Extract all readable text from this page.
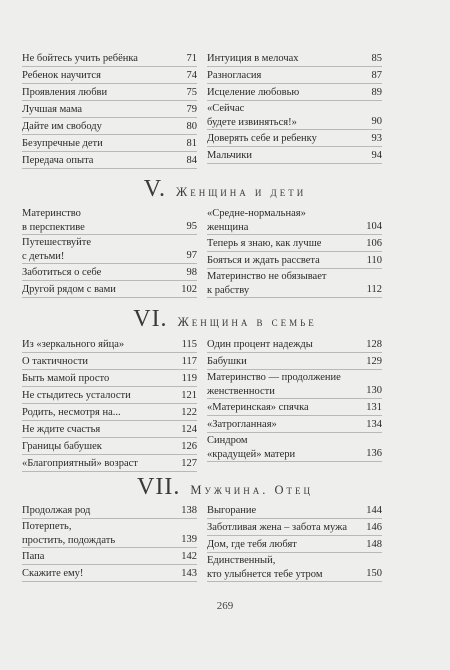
Не бойтесь учить ребёнка	71
Ребенок научится	74
Проявления любви	75
Лучшая мама	79
Дайте им свободу	80
Безупречные дети	81
Передача опыта	84
Интуиция в мелочах	85
Разногласия	87
Исцеление любовью	89
«Сейчас
будете извиняться!»	90
Доверять себе и ребенку	93
Мальчики	94
V. Женщина и дети
Материнство
в перспективе	95
Путешествуйте
с детьми!	97
Заботиться о себе	98
Другой рядом с вами	102
«Средне-нормальная»
женщина	104
Теперь я знаю, как лучше	106
Бояться и ждать рассвета	110
Материнство не обязывает
к рабству	112
VI. Женщина в семье
Из «зеркального яйца»	115
О тактичности	117
Быть мамой просто	119
Не стыдитесь усталости	121
Родить, несмотря на...	122
Не ждите счастья	124
Границы бабушек	126
«Благоприятный» возраст	127
Один процент надежды	128
Бабушки	129
Материнство — продолжение
женственности	130
«Материнская» спячка	131
«Затрогланная»	134
Синдром
«крадущей» матери	136
VII. Мужчина. Отец
Продолжая род	138
Потерпеть,
простить, подождать	139
Папа	142
Скажите ему!	143
Выгорание	144
Заботливая жена – забота мужа	146
Дом, где тебя любят	148
Единственный,
кто улыбнется тебе утром	150
269
